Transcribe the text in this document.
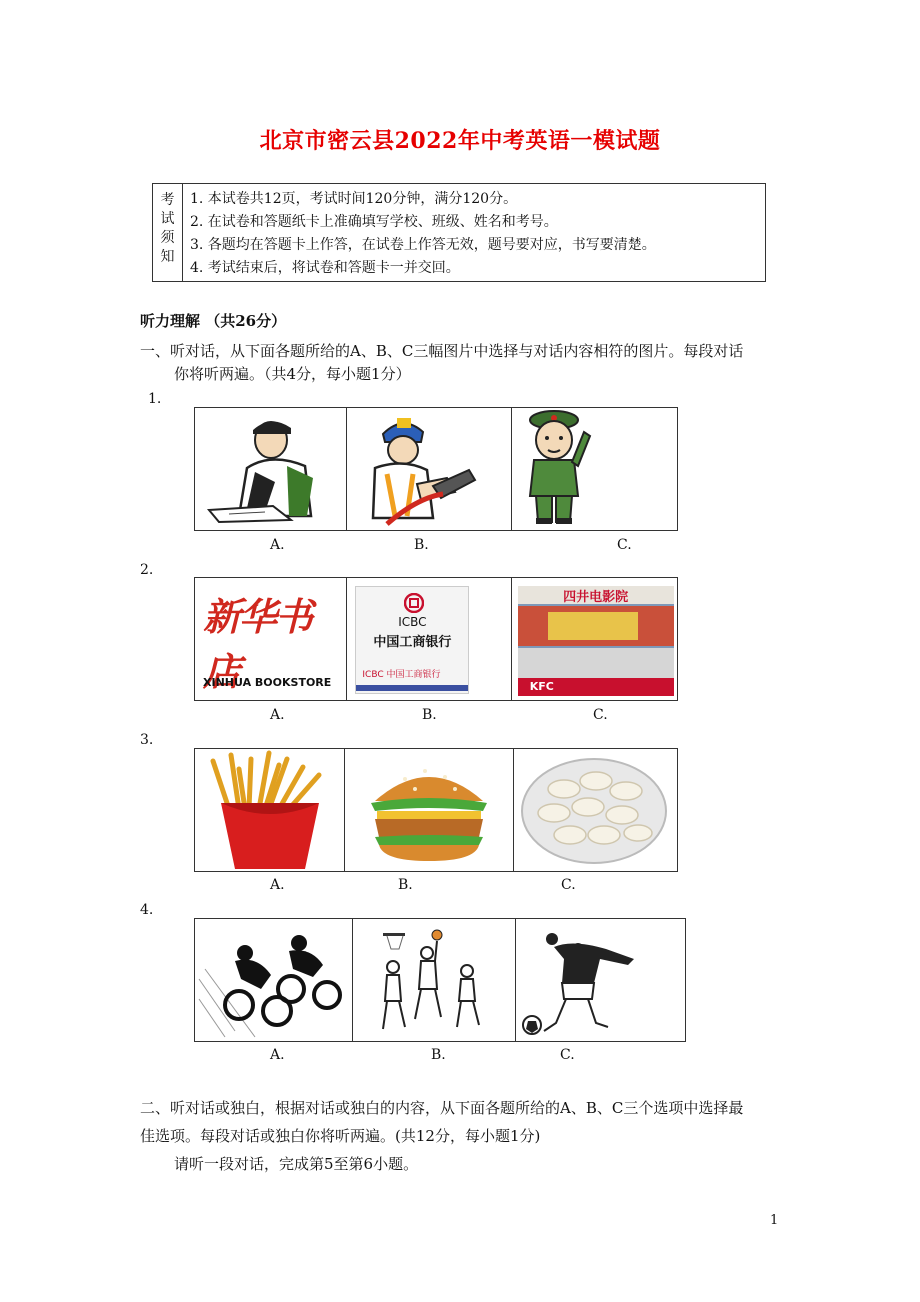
北京市密云县2022年中考英语一模试题
考
试
须
知
1. 本试卷共12页，考试时间120分钟，满分120分。
2. 在试卷和答题纸卡上准确填写学校、班级、姓名和考号。
3. 各题均在答题卡上作答，在试卷上作答无效，题号要对应，书写要清楚。
4. 考试结束后，将试卷和答题卡一并交回。
听力理解 （共26分）
一、听对话，从下面各题所给的A、B、C三幅图片中选择与对话内容相符的图片。每段对话
你将听两遍。（共4分，每小题1分）
1.
A.	B.	C.
2.
新华书店
XINHUA BOOKSTORE
ICBC
中国工商银行
ICBC 中国工商银行
四井电影院
KFC
A.	B.	C.
3.
A.	B.	C.
4.
A.	B.	C.
二、听对话或独白，根据对话或独白的内容，从下面各题所给的A、B、C三个选项中选择最
佳选项。每段对话或独白你将听两遍。(共12分，每小题1分)
请听一段对话，完成第5至第6小题。
1
